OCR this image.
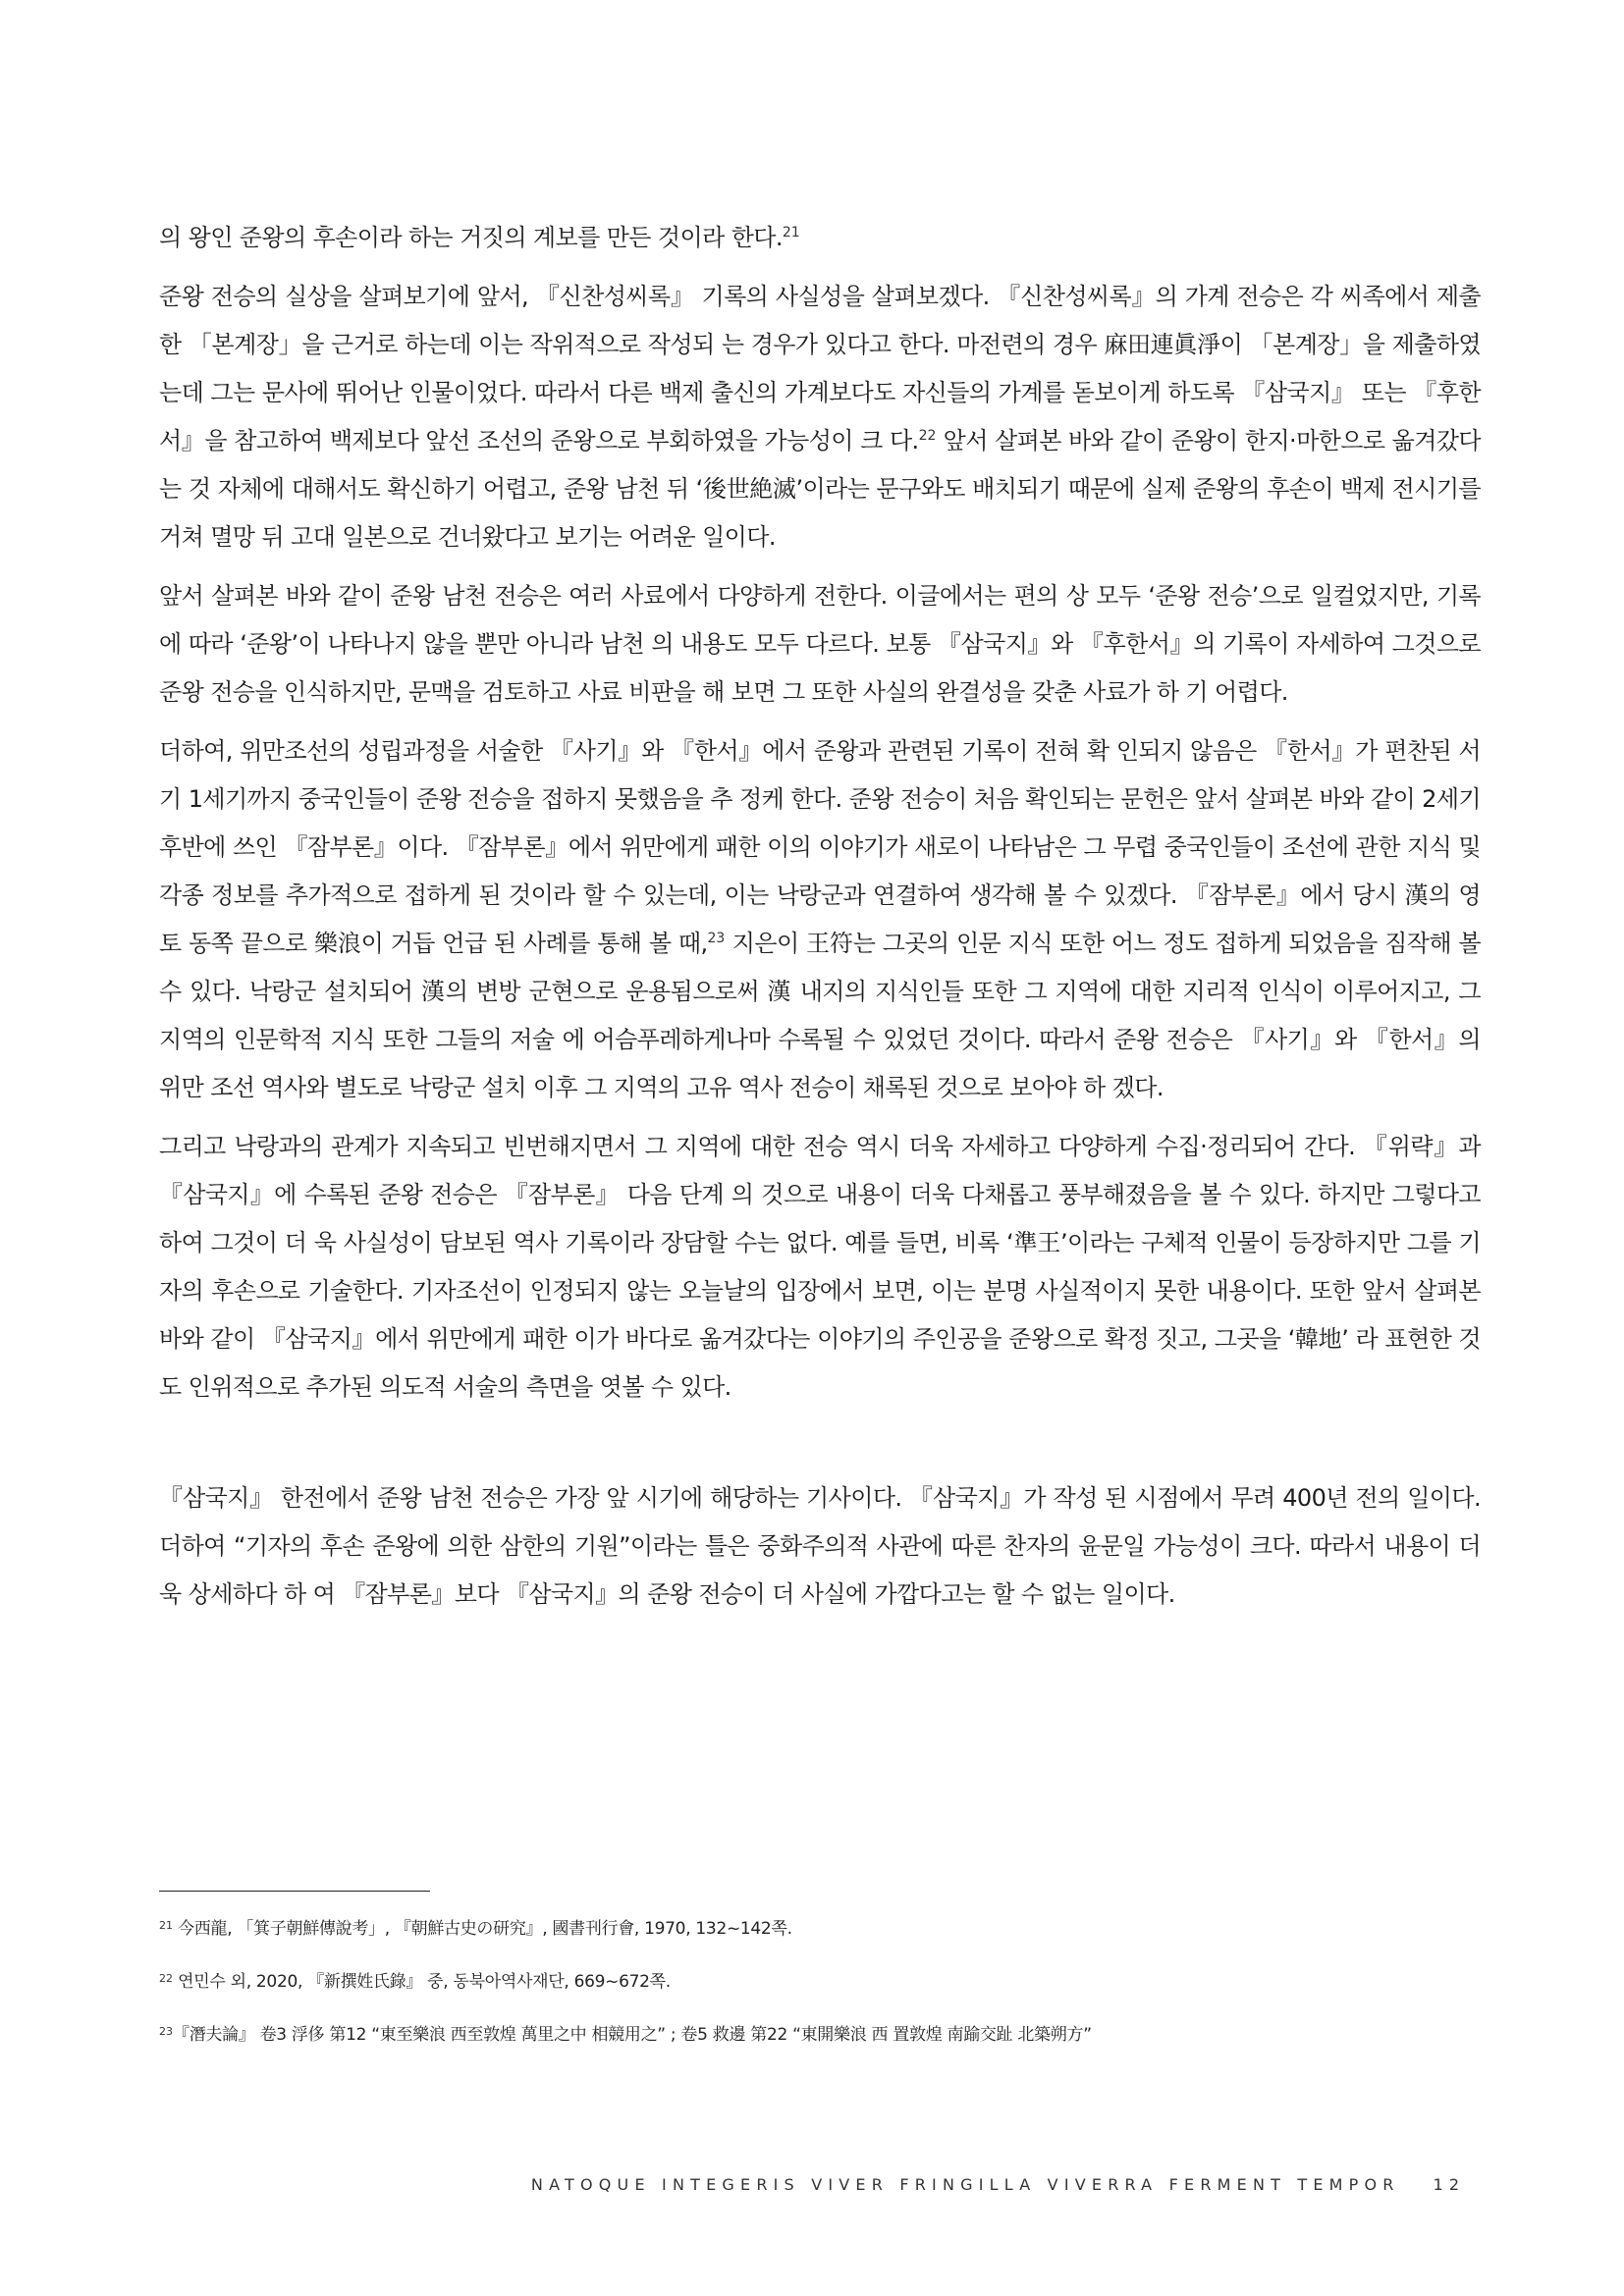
의 왕인 준왕의 후손이라 하는 거짓의 계보를 만든 것이라 한다.$^{21}$

준왕 전승의 실상을 살펴보기에 앞서, 『신찬성씨록』 기록의 사실성을 살펴보겠다. 『신찬성씨록』의 가계 전승은 각 씨족에서 제출한 「본계장」을 근거로 하는데 이는 작위적으로 작성되 는 경우가 있다고 한다. 마전련의 경우 麻田連眞淨이 「본계장」을 제출하였는데 그는 문사에 뛰어난 인물이었다. 따라서 다른 백제 출신의 가계보다도 자신들의 가계를 돋보이게 하도록 『삼국지』 또는 『후한서』을 참고하여 백제보다 앞선 조선의 준왕으로 부회하였을 가능성이 크 다.$^{22}$ 앞서 살펴본 바와 같이 준왕이 한지·마한으로 옮겨갔다는 것 자체에 대해서도 확신하기 어렵고, 준왕 남천 뒤 ‘後世絶滅’이라는 문구와도 배치되기 때문에 실제 준왕의 후손이 백제 전시기를 거쳐 멸망 뒤 고대 일본으로 건너왔다고 보기는 어려운 일이다.

앞서 살펴본 바와 같이 준왕 남천 전승은 여러 사료에서 다양하게 전한다. 이글에서는 편의 상 모두 ‘준왕 전승’으로 일컬었지만, 기록에 따라 ‘준왕’이 나타나지 않을 뿐만 아니라 남천 의 내용도 모두 다르다. 보통 『삼국지』와 『후한서』의 기록이 자세하여 그것으로 준왕 전승을 인식하지만, 문맥을 검토하고 사료 비판을 해 보면 그 또한 사실의 완결성을 갖춘 사료가 하 기 어렵다.

더하여, 위만조선의 성립과정을 서술한 『사기』와 『한서』에서 준왕과 관련된 기록이 전혀 확 인되지 않음은 『한서』가 편찬된 서기 1세기까지 중국인들이 준왕 전승을 접하지 못했음을 추 정케 한다. 준왕 전승이 처음 확인되는 문헌은 앞서 살펴본 바와 같이 2세기 후반에 쓰인 『잠부론』이다. 『잠부론』에서 위만에게 패한 이의 이야기가 새로이 나타남은 그 무렵 중국인들이 조선에 관한 지식 및 각종 정보를 추가적으로 접하게 된 것이라 할 수 있는데, 이는 낙랑군과 연결하여 생각해 볼 수 있겠다. 『잠부론』에서 당시 漢의 영토 동쪽 끝으로 樂浪이 거듭 언급 된 사례를 통해 볼 때,$^{23}$ 지은이 王符는 그곳의 인문 지식 또한 어느 정도 접하게 되었음을 짐작해 볼 수 있다. 낙랑군 설치되어 漢의 변방 군현으로 운용됨으로써 漢 내지의 지식인들 또한 그 지역에 대한 지리적 인식이 이루어지고, 그 지역의 인문학적 지식 또한 그들의 저술 에 어슴푸레하게나마 수록될 수 있었던 것이다. 따라서 준왕 전승은 『사기』와 『한서』의 위만 조선 역사와 별도로 낙랑군 설치 이후 그 지역의 고유 역사 전승이 채록된 것으로 보아야 하 겠다.

그리고 낙랑과의 관계가 지속되고 빈번해지면서 그 지역에 대한 전승 역시 더욱 자세하고 다양하게 수집·정리되어 간다. 『위략』과 『삼국지』에 수록된 준왕 전승은 『잠부론』 다음 단계 의 것으로 내용이 더욱 다채롭고 풍부해졌음을 볼 수 있다. 하지만 그렇다고 하여 그것이 더 욱 사실성이 담보된 역사 기록이라 장담할 수는 없다. 예를 들면, 비록 ‘準王’이라는 구체적 인물이 등장하지만 그를 기자의 후손으로 기술한다. 기자조선이 인정되지 않는 오늘날의 입장에서 보면, 이는 분명 사실적이지 못한 내용이다. 또한 앞서 살펴본 바와 같이 『삼국지』에서 위만에게 패한 이가 바다로 옮겨갔다는 이야기의 주인공을 준왕으로 확정 짓고, 그곳을 ‘韓地’ 라 표현한 것도 인위적으로 추가된 의도적 서술의 측면을 엿볼 수 있다.

『삼국지』 한전에서 준왕 남천 전승은 가장 앞 시기에 해당하는 기사이다. 『삼국지』가 작성 된 시점에서 무려 400년 전의 일이다. 더하여 “기자의 후손 준왕에 의한 삼한의 기원”이라는 틀은 중화주의적 사관에 따른 찬자의 윤문일 가능성이 크다. 따라서 내용이 더욱 상세하다 하 여 『잠부론』보다 『삼국지』의 준왕 전승이 더 사실에 가깝다고는 할 수 없는 일이다.

$^{21}$ 今西龍, 「箕子朝鮮傳說考」, 『朝鮮古史の研究』, 國書刊行會, 1970, 132~142쪽.

$^{22}$ 연민수 외, 2020, 『新撰姓氏錄』 중, 동북아역사재단, 669~672쪽.

$^{23}$『潛夫論』 卷3 浮侈 第12 “東至樂浪 西至敦煌 萬里之中 相競用之” ; 卷5 救邊 第22 “東開樂浪 西 置敦煌 南踰交趾 北築朔方”

NATOQUE INTEGERIS VIVER FRINGILLA VIVERRA FERMENT TEMPOR 12
